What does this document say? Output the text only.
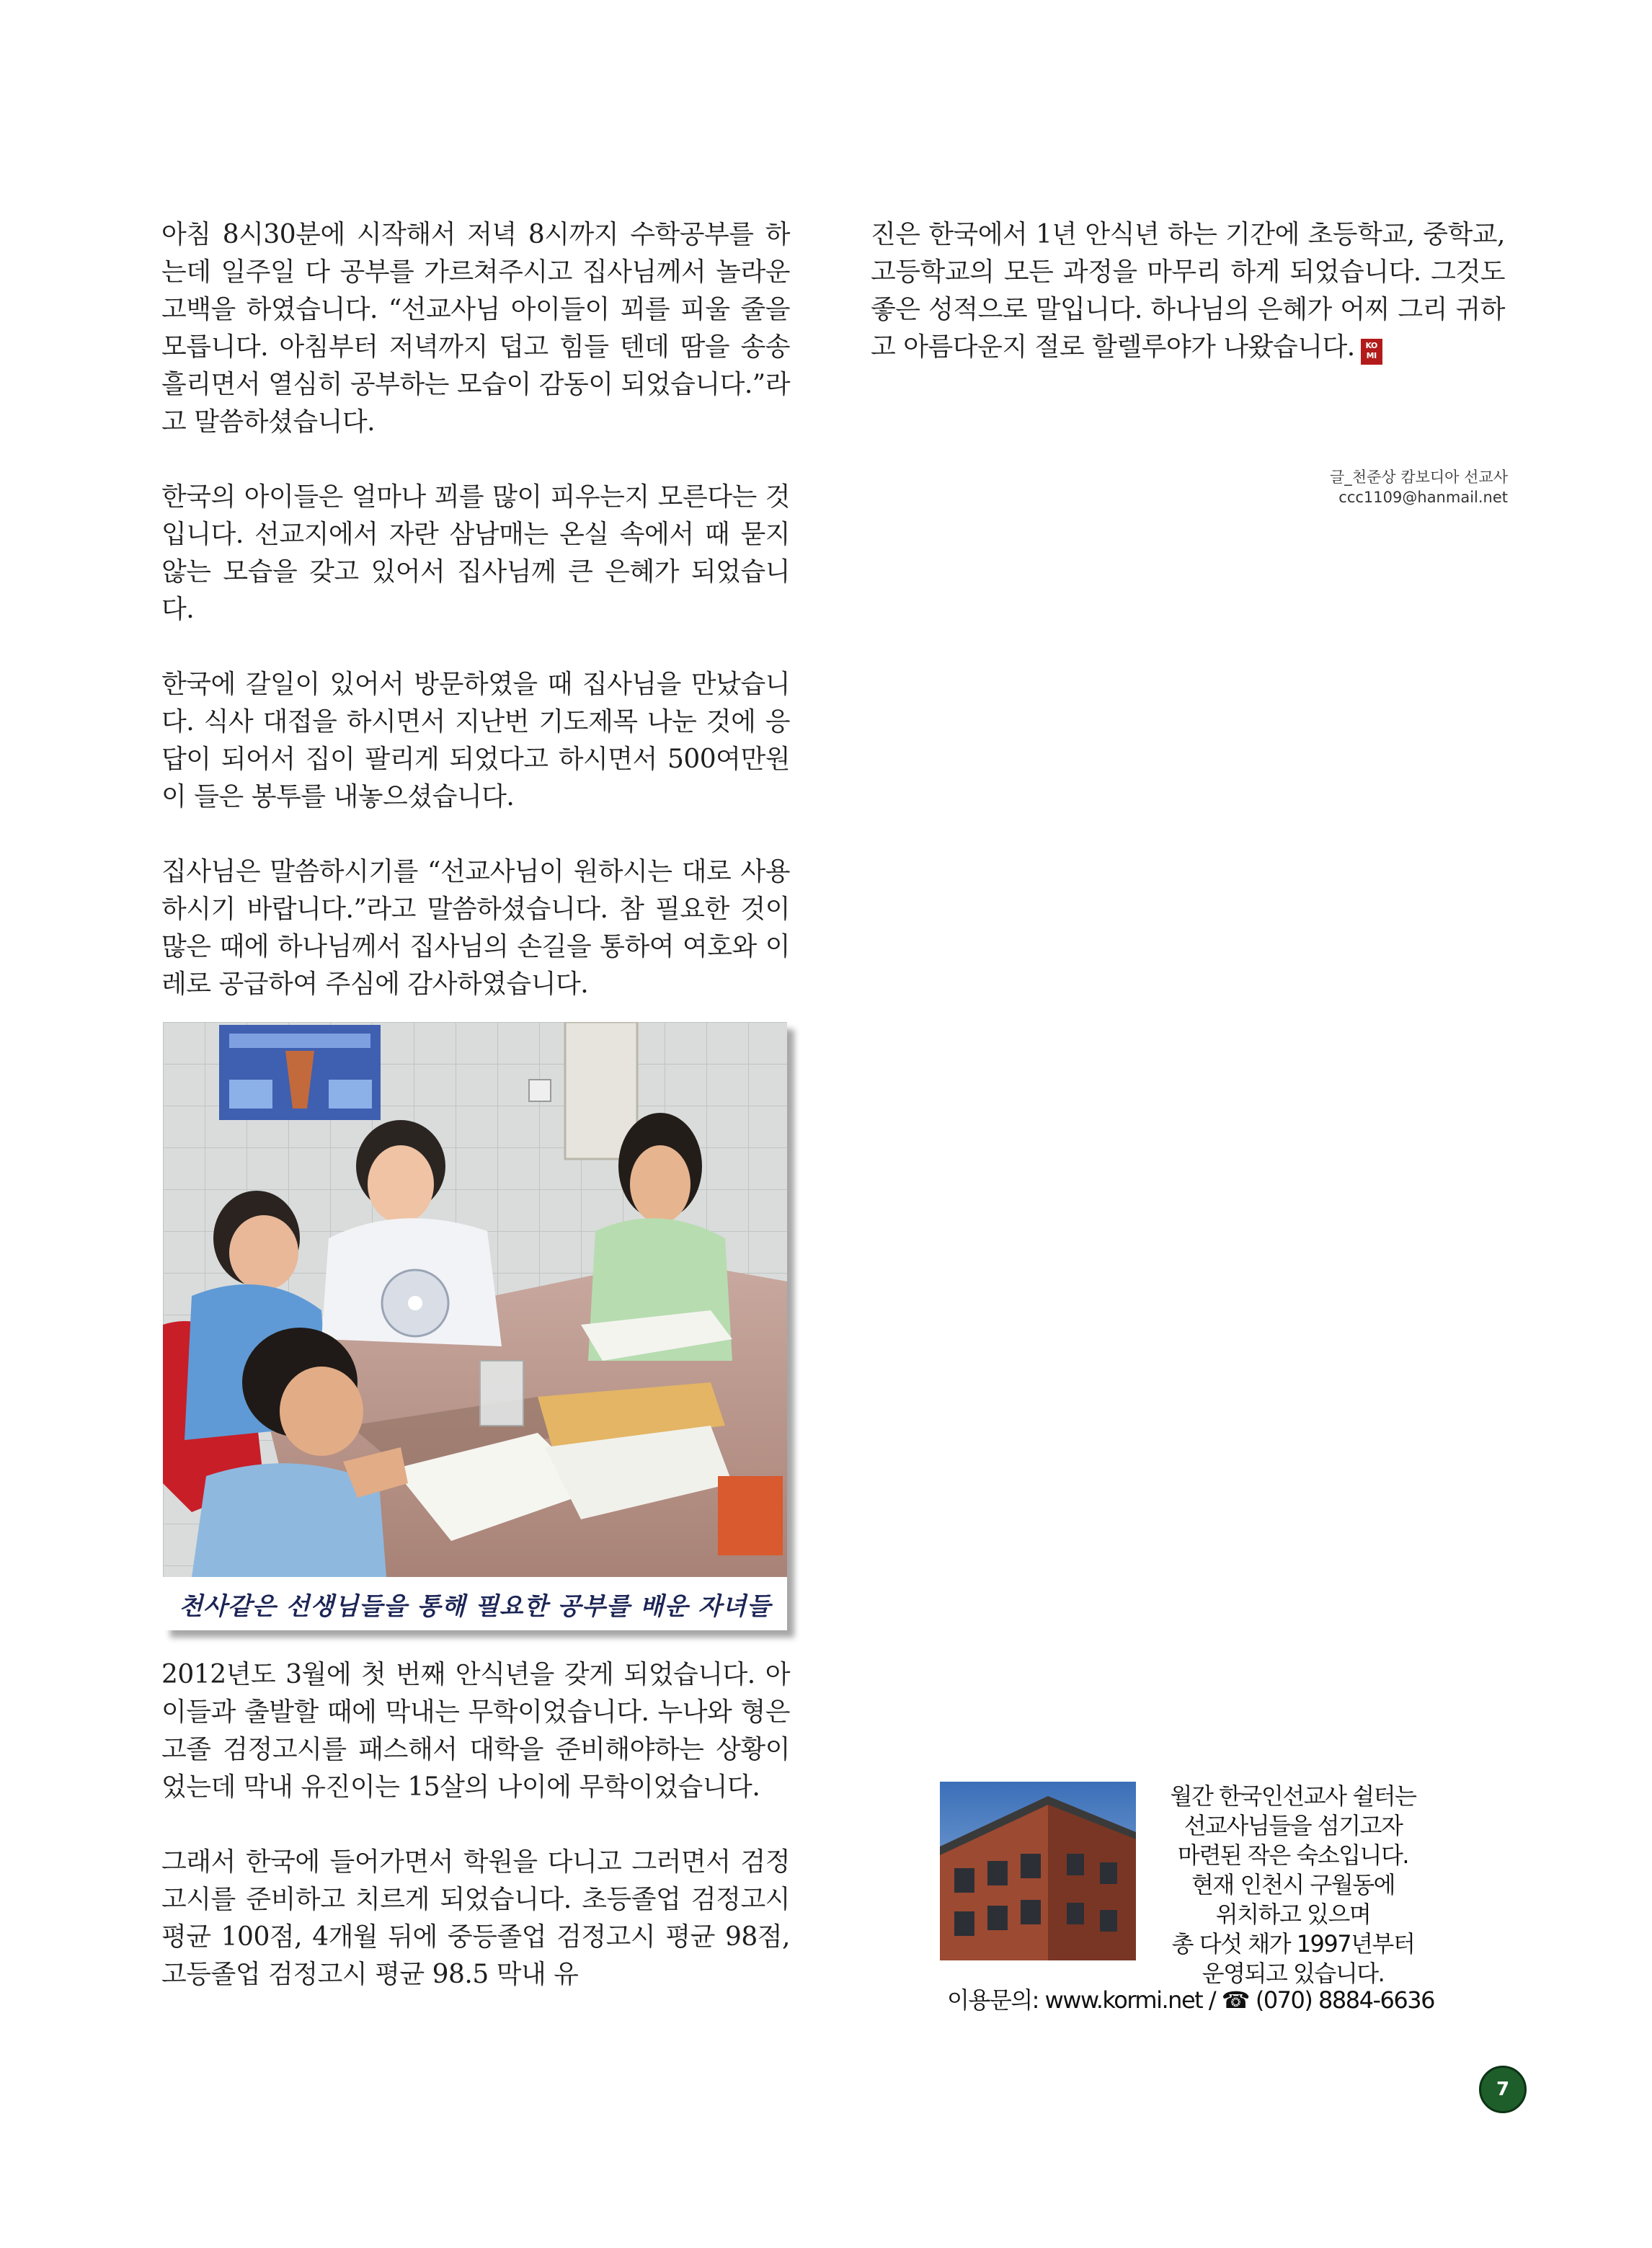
아침 8시30분에 시작해서 저녁 8시까지 수학공부를 하는데 일주일 다 공부를 가르쳐주시고 집사님께서 놀라운 고백을 하였습니다. “선교사님 아이들이 꾀를 피울 줄을 모릅니다. 아침부터 저녁까지 덥고 힘들 텐데 땀을 송송 흘리면서 열심히 공부하는 모습이 감동이 되었습니다.”라고 말씀하셨습니다.

한국의 아이들은 얼마나 꾀를 많이 피우는지 모른다는 것입니다. 선교지에서 자란 삼남매는 온실 속에서 때 묻지 않는 모습을 갖고 있어서 집사님께 큰 은혜가 되었습니다.

한국에 갈일이 있어서 방문하였을 때 집사님을 만났습니다. 식사 대접을 하시면서 지난번 기도제목 나눈 것에 응답이 되어서 집이 팔리게 되었다고 하시면서 500여만원이 들은 봉투를 내놓으셨습니다.

집사님은 말씀하시기를 “선교사님이 원하시는 대로 사용하시기 바랍니다.”라고 말씀하셨습니다. 참 필요한 것이 많은 때에 하나님께서 집사님의 손길을 통하여 여호와 이레로 공급하여 주심에 감사하였습니다.

진은 한국에서 1년 안식년 하는 기간에 초등학교, 중학교, 고등학교의 모든 과정을 마무리 하게 되었습니다. 그것도 좋은 성적으로 말입니다. 하나님의 은혜가 어찌 그리 귀하고 아름다운지 절로 할렐루야가 나왔습니다. KO
MI

글_천준상 캄보디아 선교사
ccc1109@hanmail.net
천사같은 선생님들을 통해 필요한 공부를 배운 자녀들

2012년도 3월에 첫 번째 안식년을 갖게 되었습니다. 아이들과 출발할 때에 막내는 무학이었습니다. 누나와 형은 고졸 검정고시를 패스해서 대학을 준비해야하는 상황이었는데 막내 유진이는 15살의 나이에 무학이었습니다.

그래서 한국에 들어가면서 학원을 다니고 그러면서 검정고시를 준비하고 치르게 되었습니다. 초등졸업 검정고시 평균 100점, 4개월 뒤에 중등졸업 검정고시 평균 98점,고등졸업 검정고시 평균 98.5 막내 유

월간 한국인선교사 쉴터는
선교사님들을 섬기고자
마련된 작은 숙소입니다.
현재 인천시 구월동에
위치하고 있으며
총 다섯 채가 1997년부터
운영되고 있습니다.
이용문의: www.kormi.net / ☎ (070) 8884-6636
7
